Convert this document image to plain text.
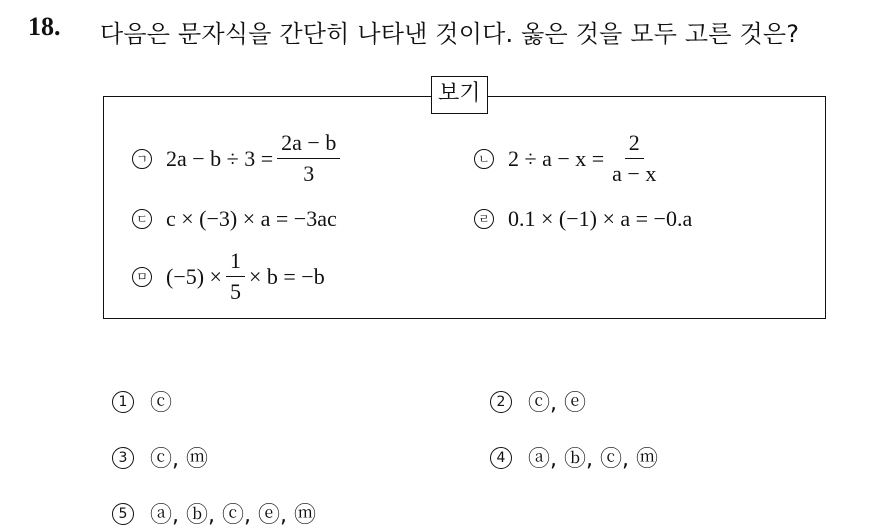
18. 다음은 문자식을 간단히 나타낸 것이다. 옳은 것을 모두 고른 것은?
보기
ㄱ $2a - b \div 3 = \frac{2a - b}{3}$	ㄴ $2 \div a - x = \frac{2}{a - x}$
ㄷ c × (−3) × a = −3ac	ㄹ 0.1 × (−1) × a = −0.a
ㅁ $(-5) \times \frac{1}{5} \times b = -b$
1 ⓒ	2 ⓒ, ⓔ
3 ⓒ, ⓜ	4 ⓐ, ⓑ, ⓒ, ⓜ
5 ⓐ, ⓑ, ⓒ, ⓔ, ⓜ
